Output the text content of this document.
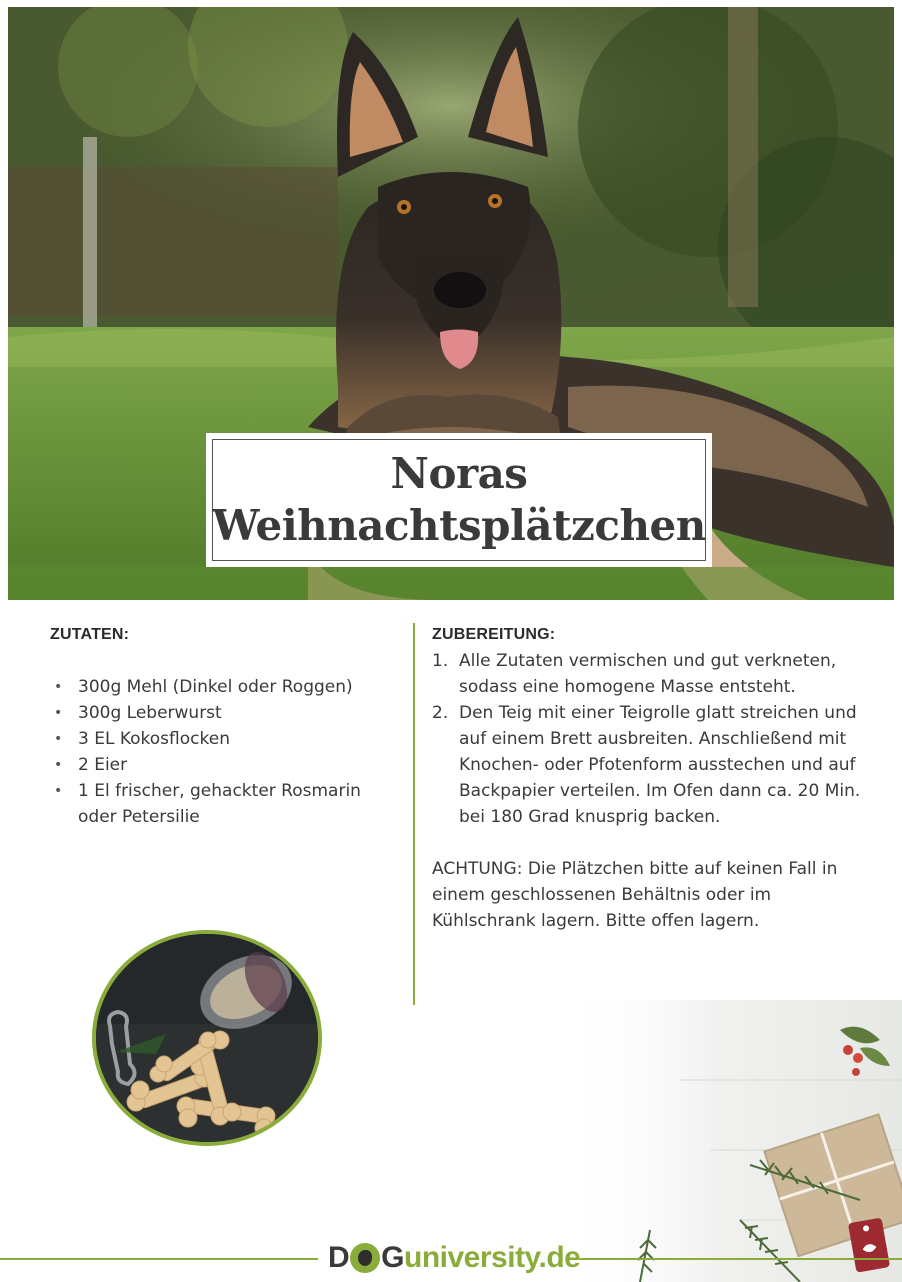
Noras
Weihnachtsplätzchen
ZUTATEN:
• 300g Mehl (Dinkel oder Roggen)
• 300g Leberwurst
• 3 EL Kokosflocken
• 2 Eier
• 1 El frischer, gehackter Rosmarin oder Petersilie
ZUBEREITUNG:
1. Alle Zutaten vermischen und gut verkneten, sodass eine homogene Masse entsteht.
2. Den Teig mit einer Teigrolle glatt streichen und auf einem Brett ausbreiten. Anschließend mit Knochen- oder Pfotenform ausstechen und auf Backpapier verteilen. Im Ofen dann ca. 20 Min. bei 180 Grad knusprig backen.

ACHTUNG: Die Plätzchen bitte auf keinen Fall in einem geschlossenen Behältnis oder im Kühlschrank lagern. Bitte offen lagern.

D G university.de
